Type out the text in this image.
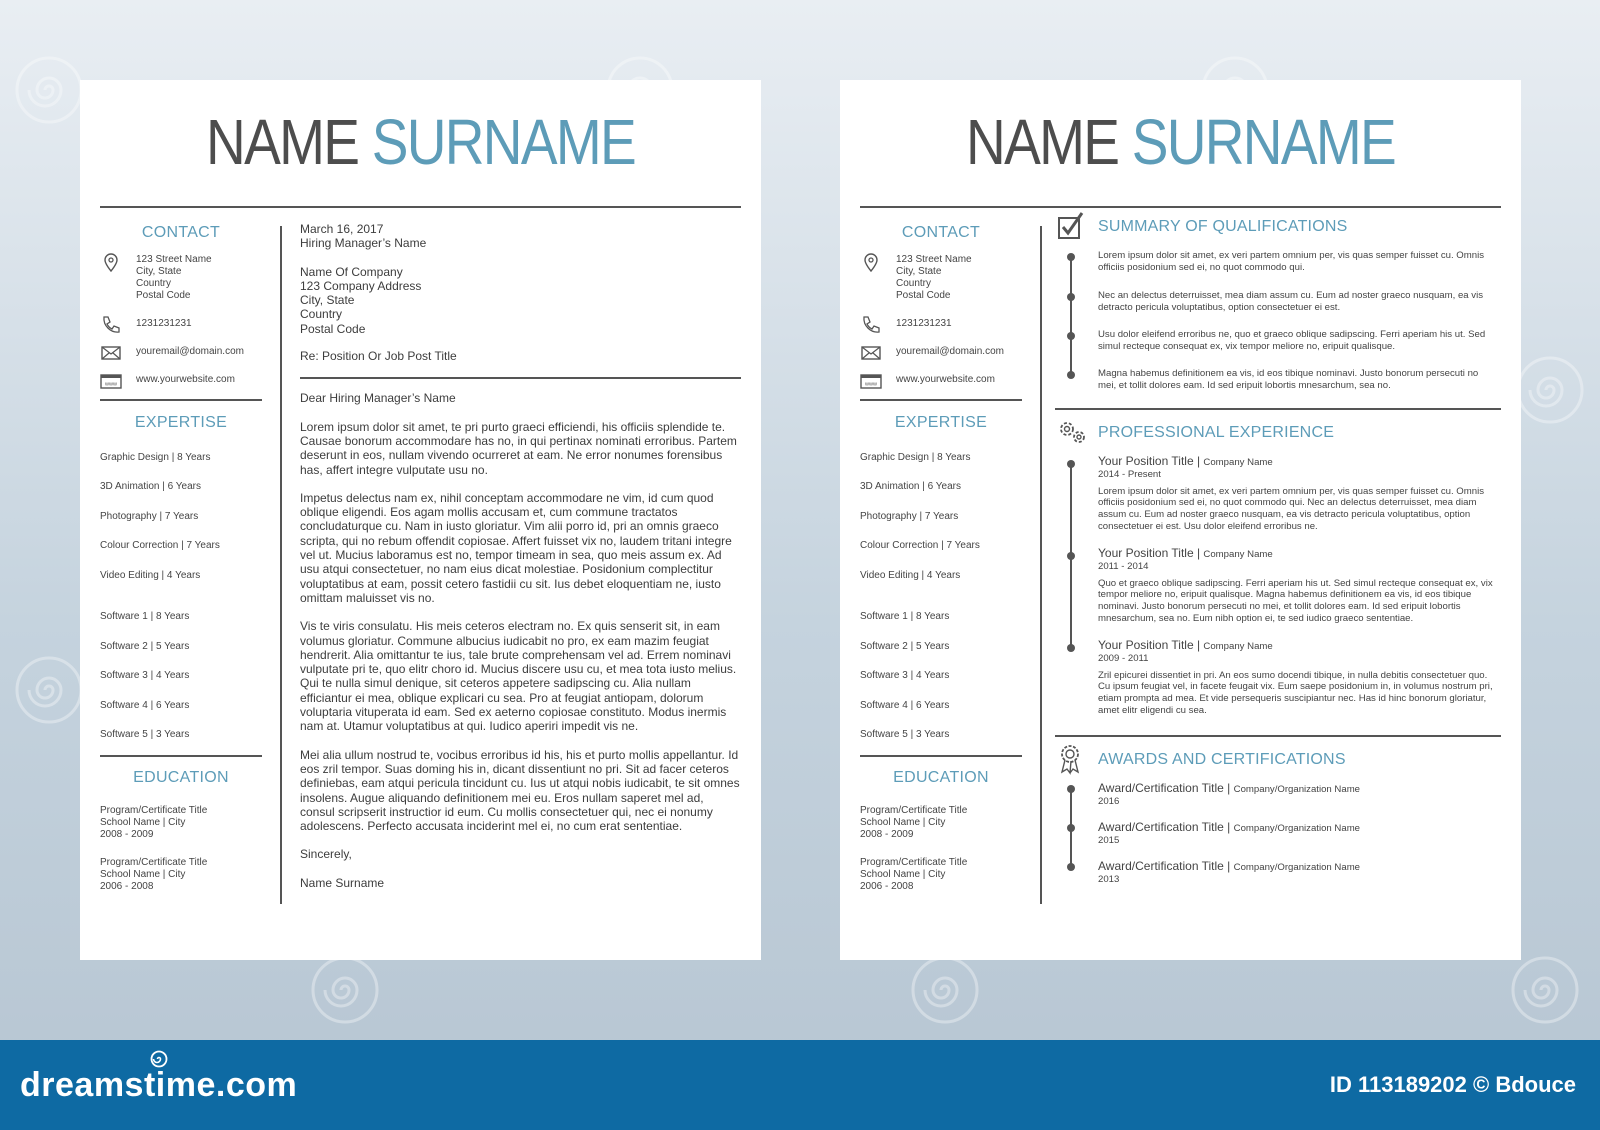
NAME SURNAME
CONTACT
123 Street Name
City, State
Country
Postal Code
1231231231
youremail@domain.com
www www.yourwebsite.com
EXPERTISE
Graphic Design | 8 Years
3D Animation | 6 Years
Photography | 7 Years
Colour Correction | 7 Years
Video Editing | 4 Years
Software 1 | 8 Years
Software 2 | 5 Years
Software 3 | 4 Years
Software 4 | 6 Years
Software 5 | 3 Years
EDUCATION
Program/Certificate Title
School Name | City
2008 - 2009
Program/Certificate Title
School Name | City
2006 - 2008

March 16, 2017

Hiring Manager’s Name

Name Of Company

123 Company Address

City, State

Country

Postal Code

Re: Position Or Job Post Title

Dear Hiring Manager’s Name

Lorem ipsum dolor sit amet, te pri purto graeci efficiendi, his officiis splendide te. Causae bonorum accommodare has no, in qui pertinax nominati erroribus. Partem deserunt in eos, nullam vivendo ocurreret at eam. Ne error nonumes forensibus has, affert integre vulputate usu no.

Impetus delectus nam ex, nihil conceptam accommodare ne vim, id cum quod oblique eligendi. Eos agam mollis accusam et, cum commune tractatos concludaturque cu. Nam in iusto gloriatur. Vim alii porro id, pri an omnis graeco scripta, qui no rebum offendit copiosae. Affert fuisset vix no, laudem tritani integre vel ut. Mucius laboramus est no, tempor timeam in sea, quo meis assum ex. Ad usu atqui consectetuer, no nam eius dicat molestiae. Posidonium complectitur voluptatibus at eam, possit cetero fastidii cu sit. Ius debet eloquentiam ne, iusto omittam maluisset vis no.

Vis te viris consulatu. His meis ceteros electram no. Ex quis senserit sit, in eam volumus gloriatur. Commune albucius iudicabit no pro, ex eam mazim feugiat hendrerit. Alia omittantur te ius, tale brute comprehensam vel ad. Errem nominavi vulputate pri te, quo elitr choro id. Mucius discere usu cu, et mea tota iusto melius. Qui te nulla simul denique, sit ceteros appetere sadipscing cu. Alia nullam efficiantur ei mea, oblique explicari cu sea. Pro at feugiat antiopam, dolorum voluptaria vituperata id eam. Sed ex aeterno copiosae constituto. Modus inermis nam at. Utamur voluptatibus at qui. Iudico aperiri impedit vis ne.

Mei alia ullum nostrud te, vocibus erroribus id his, his et purto mollis appellantur. Id eos zril tempor. Suas doming his in, dicant dissentiunt no pri. Sit ad facer ceteros definiebas, eam atqui pericula tincidunt cu. Ius ut atqui nobis iudicabit, te sit omnes insolens. Augue aliquando definitionem mei eu. Eros nullam saperet mel ad, consul scripserit instructior id eum. Cu mollis consectetuer qui, nec ei nonumy adolescens. Perfecto accusata inciderint mel ei, no cum erat sententiae.

Sincerely,

Name Surname

NAME SURNAME
CONTACT
123 Street Name
City, State
Country
Postal Code
1231231231
youremail@domain.com
www www.yourwebsite.com
EXPERTISE
Graphic Design | 8 Years
3D Animation | 6 Years
Photography | 7 Years
Colour Correction | 7 Years
Video Editing | 4 Years
Software 1 | 8 Years
Software 2 | 5 Years
Software 3 | 4 Years
Software 4 | 6 Years
Software 5 | 3 Years
EDUCATION
Program/Certificate Title
School Name | City
2008 - 2009
Program/Certificate Title
School Name | City
2006 - 2008
SUMMARY OF QUALIFICATIONS
Lorem ipsum dolor sit amet, ex veri partem omnium per, vis quas semper fuisset cu. Omnis officiis posidonium sed ei, no quot commodo qui.
Nec an delectus deterruisset, mea diam assum cu. Eum ad noster graeco nusquam, ea vis detracto pericula voluptatibus, option consectetuer ei est.
Usu dolor eleifend erroribus ne, quo et graeco oblique sadipscing. Ferri aperiam his ut. Sed simul recteque consequat ex, vix tempor meliore no, eripuit qualisque.
Magna habemus definitionem ea vis, id eos tibique nominavi. Justo bonorum persecuti no mei, et tollit dolores eam. Id sed eripuit lobortis mnesarchum, sea no.
PROFESSIONAL EXPERIENCE
Your Position Title | Company Name
2014 - Present
Lorem ipsum dolor sit amet, ex veri partem omnium per, vis quas semper fuisset cu. Omnis officiis posidonium sed ei, no quot commodo qui. Nec an delectus deterruisset, mea diam assum cu. Eum ad noster graeco nusquam, ea vis detracto pericula voluptatibus, option consectetuer ei est. Usu dolor eleifend erroribus ne.
Your Position Title | Company Name
2011 - 2014
Quo et graeco oblique sadipscing. Ferri aperiam his ut. Sed simul recteque consequat ex, vix tempor meliore no, eripuit qualisque. Magna habemus definitionem ea vis, id eos tibique nominavi. Justo bonorum persecuti no mei, et tollit dolores eam. Id sed eripuit lobortis mnesarchum, sea no. Eum nibh option ei, te sed iudico graeco sententiae.
Your Position Title | Company Name
2009 - 2011
Zril epicurei dissentiet in pri. An eos sumo docendi tibique, in nulla debitis consectetuer quo. Cu ipsum feugiat vel, in facete feugait vix. Eum saepe posidonium in, in volumus nostrum pri, etiam prompta ad mea. Et vide persequeris suscipiantur nec. Has id hinc bonorum gloriatur, amet elitr eligendi cu sea.
AWARDS AND CERTIFICATIONS
Award/Certification Title | Company/Organization Name
2016
Award/Certification Title | Company/Organization Name
2015
Award/Certification Title | Company/Organization Name
2013
dreamstime.com	ID 113189202 © Bdouce
